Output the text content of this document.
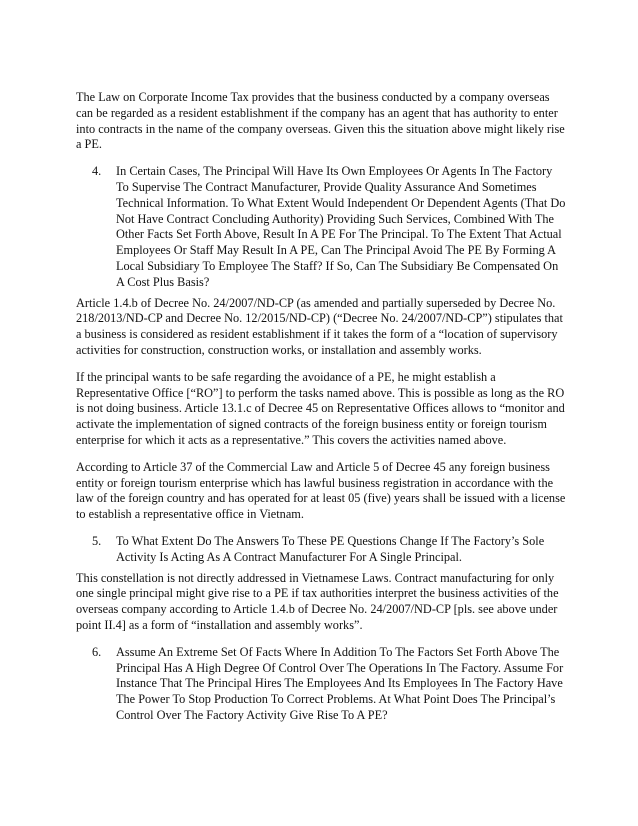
The Law on Corporate Income Tax provides that the business conducted by a company overseas can be regarded as a resident establishment if the company has an agent that has authority to enter into contracts in the name of the company overseas. Given this the situation above might likely rise a PE.

4.	In Certain Cases, The Principal Will Have Its Own Employees Or Agents In The Factory To Supervise The Contract Manufacturer, Provide Quality Assurance And Sometimes Technical Information. To What Extent Would Independent Or Dependent Agents (That Do Not Have Contract Concluding Authority) Providing Such Services, Combined With The Other Facts Set Forth Above, Result In A PE For The Principal. To The Extent That Actual Employees Or Staff May Result In A PE, Can The Principal Avoid The PE By Forming A Local Subsidiary To Employee The Staff? If So, Can The Subsidiary Be Compensated On A Cost Plus Basis?

Article 1.4.b of Decree No. 24/2007/ND-CP (as amended and partially superseded by Decree No. 218/2013/ND-CP and Decree No. 12/2015/ND-CP) (“Decree No. 24/2007/ND-CP”) stipulates that a business is considered as resident establishment if it takes the form of a “location of supervisory activities for construction, construction works, or installation and assembly works.

If the principal wants to be safe regarding the avoidance of a PE, he might establish a Representative Office [“RO”] to perform the tasks named above. This is possible as long as the RO is not doing business. Article 13.1.c of Decree 45 on Representative Offices allows to “monitor and activate the implementation of signed contracts of the foreign business entity or foreign tourism enterprise for which it acts as a representative.” This covers the activities named above.

According to Article 37 of the Commercial Law and Article 5 of Decree 45 any foreign business entity or foreign tourism enterprise which has lawful business registration in accordance with the law of the foreign country and has operated for at least 05 (five) years shall be issued with a license to establish a representative office in Vietnam.

5.	To What Extent Do The Answers To These PE Questions Change If The Factory’s Sole Activity Is Acting As A Contract Manufacturer For A Single Principal.

This constellation is not directly addressed in Vietnamese Laws. Contract manufacturing for only one single principal might give rise to a PE if tax authorities interpret the business activities of the overseas company according to Article 1.4.b of Decree No. 24/2007/ND-CP [pls. see above under point II.4] as a form of “installation and assembly works”.

6.	Assume An Extreme Set Of Facts Where In Addition To The Factors Set Forth Above The Principal Has A High Degree Of Control Over The Operations In The Factory. Assume For Instance That The Principal Hires The Employees And Its Employees In The Factory Have The Power To Stop Production To Correct Problems. At What Point Does The Principal’s Control Over The Factory Activity Give Rise To A PE?
